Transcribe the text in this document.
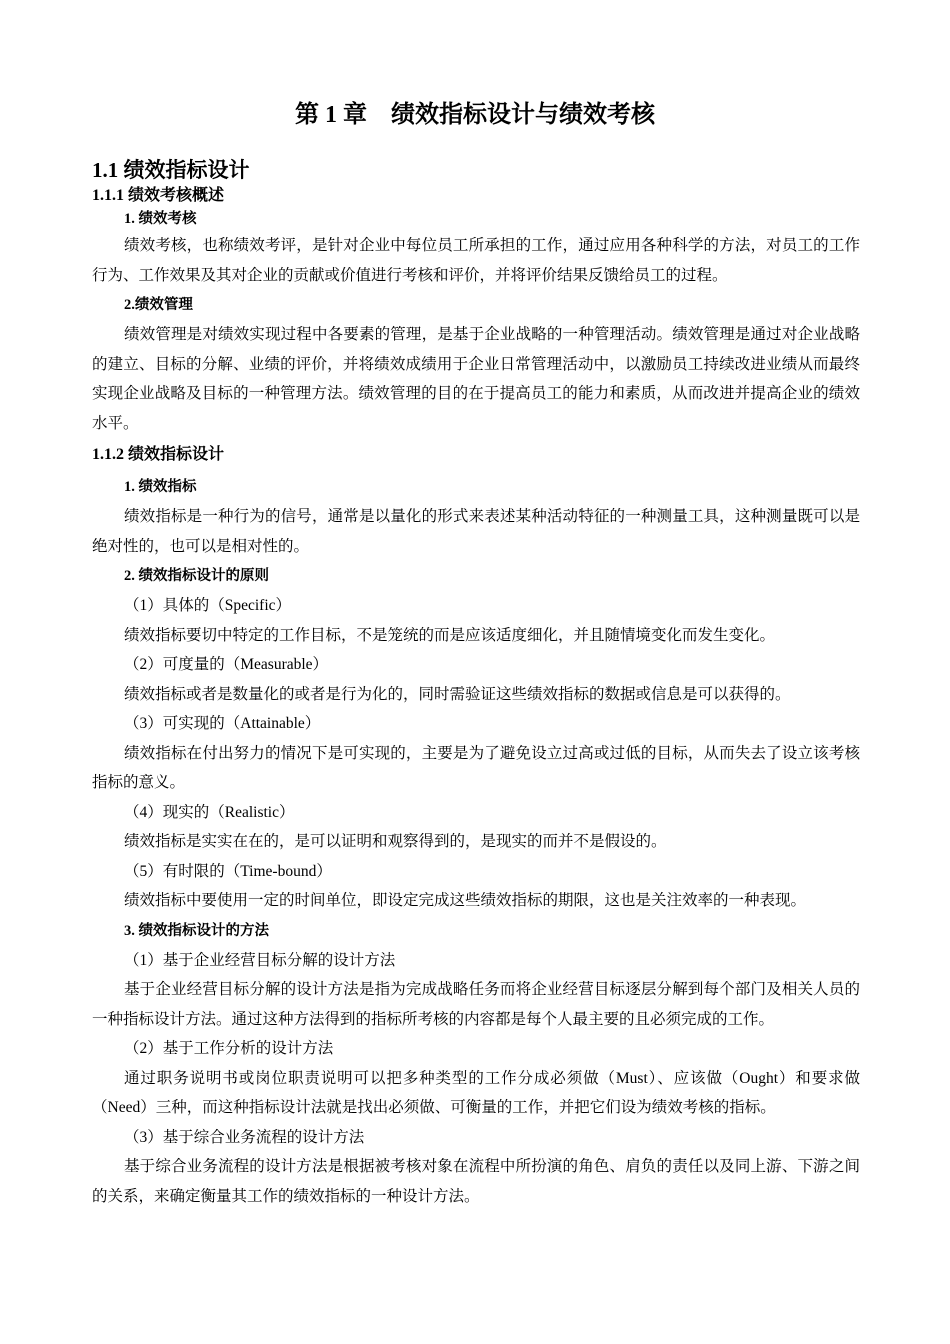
第 1 章　绩效指标设计与绩效考核
1.1 绩效指标设计
1.1.1 绩效考核概述
1. 绩效考核

绩效考核，也称绩效考评，是针对企业中每位员工所承担的工作，通过应用各种科学的方法，对员工的工作行为、工作效果及其对企业的贡献或价值进行考核和评价，并将评价结果反馈给员工的过程。

2.绩效管理

绩效管理是对绩效实现过程中各要素的管理，是基于企业战略的一种管理活动。绩效管理是通过对企业战略的建立、目标的分解、业绩的评价，并将绩效成绩用于企业日常管理活动中，以激励员工持续改进业绩从而最终实现企业战略及目标的一种管理方法。绩效管理的目的在于提高员工的能力和素质，从而改进并提高企业的绩效水平。

1.1.2 绩效指标设计
1. 绩效指标

绩效指标是一种行为的信号，通常是以量化的形式来表述某种活动特征的一种测量工具，这种测量既可以是绝对性的，也可以是相对性的。

2. 绩效指标设计的原则
（1）具体的（Specific）

绩效指标要切中特定的工作目标，不是笼统的而是应该适度细化，并且随情境变化而发生变化。

（2）可度量的（Measurable）

绩效指标或者是数量化的或者是行为化的，同时需验证这些绩效指标的数据或信息是可以获得的。

（3）可实现的（Attainable）

绩效指标在付出努力的情况下是可实现的，主要是为了避免设立过高或过低的目标，从而失去了设立该考核指标的意义。

（4）现实的（Realistic）

绩效指标是实实在在的，是可以证明和观察得到的，是现实的而并不是假设的。

（5）有时限的（Time-bound）

绩效指标中要使用一定的时间单位，即设定完成这些绩效指标的期限，这也是关注效率的一种表现。

3. 绩效指标设计的方法
（1）基于企业经营目标分解的设计方法

基于企业经营目标分解的设计方法是指为完成战略任务而将企业经营目标逐层分解到每个部门及相关人员的一种指标设计方法。通过这种方法得到的指标所考核的内容都是每个人最主要的且必须完成的工作。

（2）基于工作分析的设计方法

通过职务说明书或岗位职责说明可以把多种类型的工作分成必须做（Must）、应该做（Ought）和要求做（Need）三种，而这种指标设计法就是找出必须做、可衡量的工作，并把它们设为绩效考核的指标。

（3）基于综合业务流程的设计方法

基于综合业务流程的设计方法是根据被考核对象在流程中所扮演的角色、肩负的责任以及同上游、下游之间的关系，来确定衡量其工作的绩效指标的一种设计方法。
